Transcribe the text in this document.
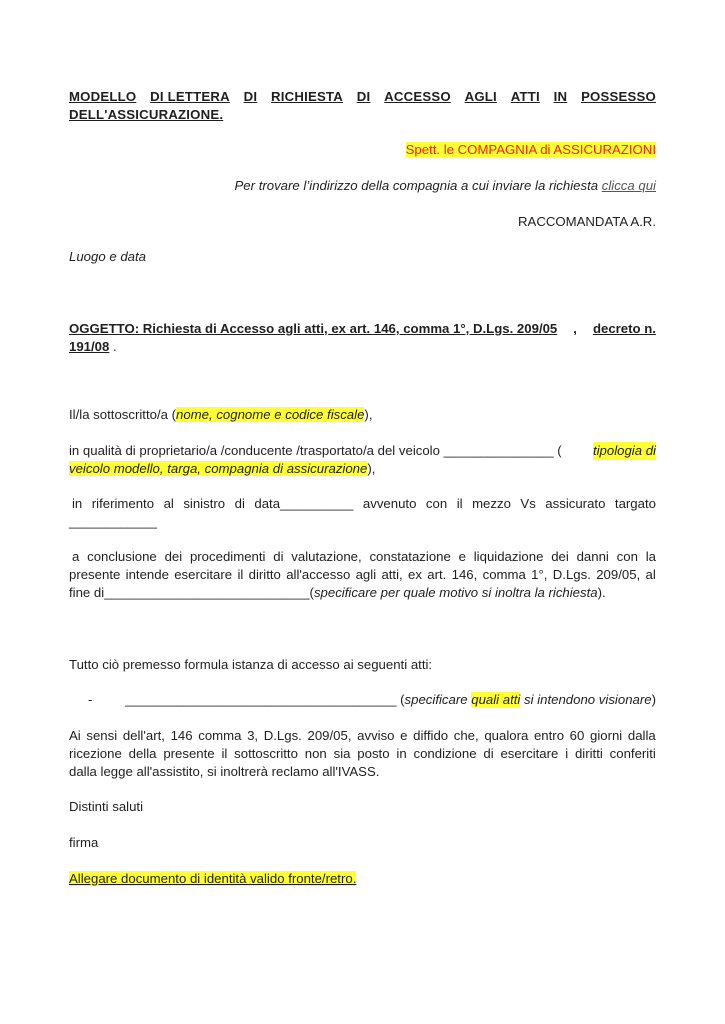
MODELLO DI LETTERA DI RICHIESTA DI ACCESSO AGLI ATTI IN POSSESSO
DELL'ASSICURAZIONE.

Spett. le COMPAGNIA di ASSICURAZIONI

Per trovare l’indirizzo della compagnia a cui inviare la richiesta clicca qui

RACCOMANDATA A.R.

Luogo e data

OGGETTO: Richiesta di Accesso agli atti, ex art. 146, comma 1°, D.Lgs. 209/05 , decreto n.
191/08 .

Il/la sottoscritto/a (nome, cognome e codice fiscale),

in qualità di proprietario/a /conducente /trasportato/a del veicolo _______________ ( tipologia di
veicolo modello, targa, compagnia di assicurazione),
in riferimento al sinistro di data__________ avvenuto con il mezzo Vs assicurato targato
____________
a conclusione dei procedimenti di valutazione, constatazione e liquidazione dei danni con la
presente intende esercitare il diritto all'accesso agli atti, ex art. 146, comma 1°, D.Lgs. 209/05, al
fine di____________________________(specificare per quale motivo si inoltra la richiesta).

Tutto ciò premesso formula istanza di accesso ai seguenti atti:

- _____________________________________ (specificare quali atti si intendono visionare)
Ai sensi dell'art, 146 comma 3, D.Lgs. 209/05, avviso e diffido che, qualora entro 60 giorni dalla
ricezione della presente il sottoscritto non sia posto in condizione di esercitare i diritti conferiti
dalla legge all'assistito, si inoltrerà reclamo all'IVASS.

Distinti saluti

firma

Allegare documento di identità valido fronte/retro.
